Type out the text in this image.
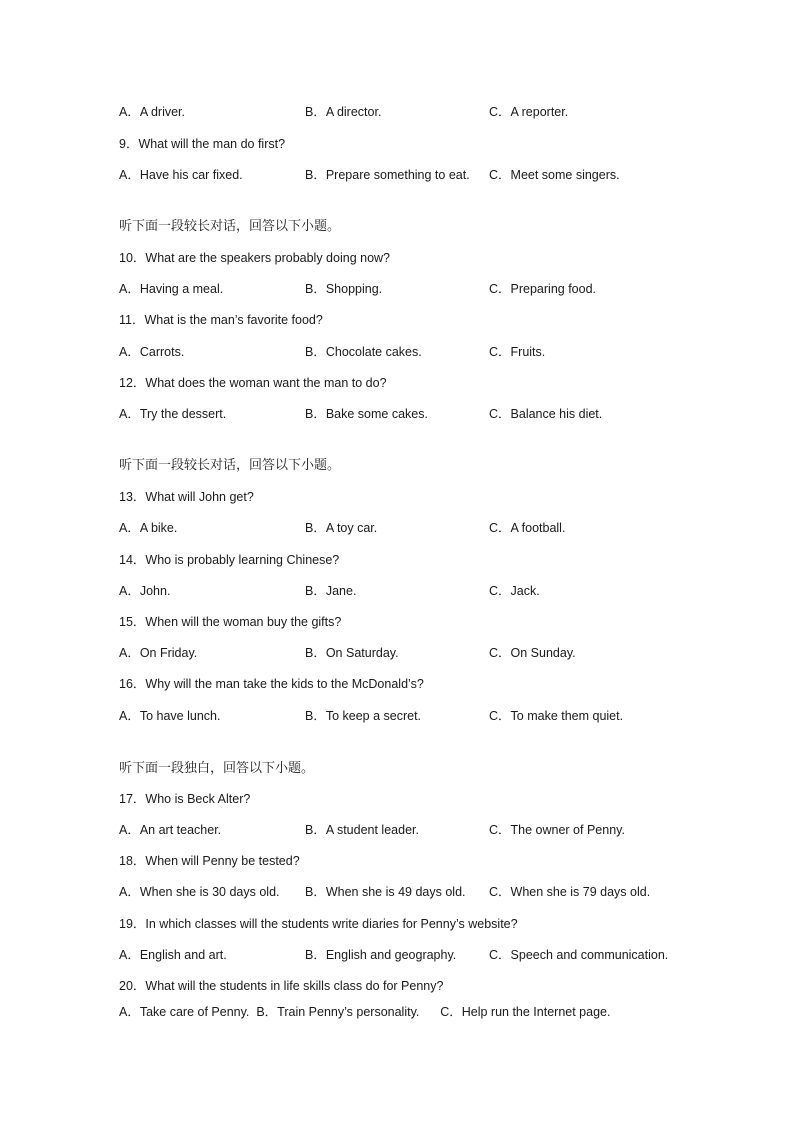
A．A driver.	B．A director.	C．A reporter.
9．What will the man do first?
A．Have his car fixed.	B．Prepare something to eat. C．Meet some singers.
听下面一段较长对话，回答以下小题。
10．What are the speakers probably doing now?
A．Having a meal.	B．Shopping.	C．Preparing food.
11．What is the man’s favorite food?
A．Carrots.	B．Chocolate cakes.	C．Fruits.
12．What does the woman want the man to do?
A．Try the dessert.	B．Bake some cakes.	C．Balance his diet.
听下面一段较长对话，回答以下小题。
13．What will John get?
A．A bike.	B．A toy car.	C．A football.
14．Who is probably learning Chinese?
A．John.	B．Jane.	C．Jack.
15．When will the woman buy the gifts?
A．On Friday.	B．On Saturday.	C．On Sunday.
16．Why will the man take the kids to the McDonald’s?
A．To have lunch.	B．To keep a secret.	C．To make them quiet.
听下面一段独白，回答以下小题。
17．Who is Beck Alter?
A．An art teacher.	B．A student leader.	C．The owner of Penny.
18．When will Penny be tested?
A．When she is 30 days old. B．When she is 49 days old. C．When she is 79 days old.
19．In which classes will the students write diaries for Penny’s website?
A．English and art.	B．English and geography.	C．Speech and communication.
20．What will the students in life skills class do for Penny?
A．Take care of Penny.  B．Train Penny’s personality.      C．Help run the Internet page.
